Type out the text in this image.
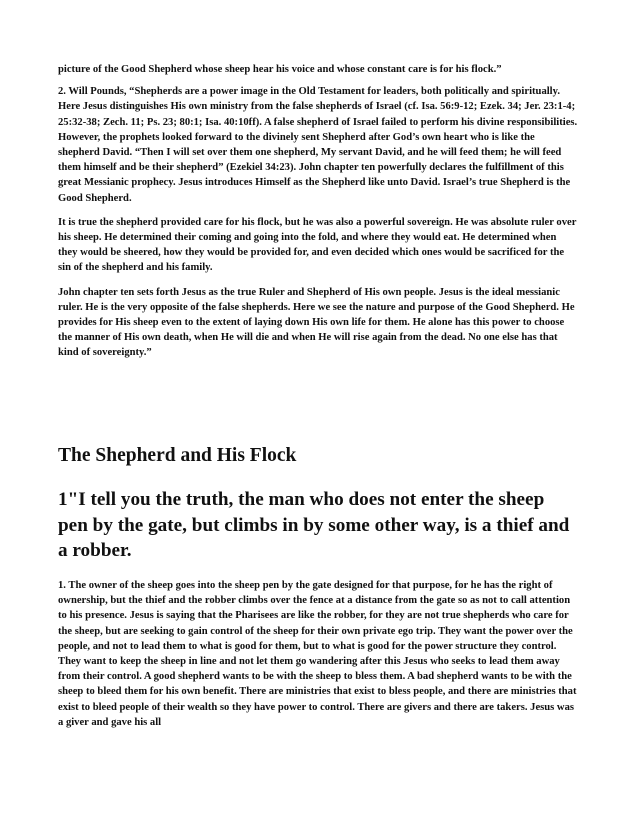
picture of the Good Shepherd whose sheep hear his voice and whose constant care is for his flock.”

2. Will Pounds, “Shepherds are a power image in the Old Testament for leaders, both politically and spiritually. Here Jesus distinguishes His own ministry from the false shepherds of Israel (cf. Isa. 56:9-12; Ezek. 34; Jer. 23:1-4; 25:32-38; Zech. 11; Ps. 23; 80:1; Isa. 40:10ff). A false shepherd of Israel failed to perform his divine responsibilities. However, the prophets looked forward to the divinely sent Shepherd after God’s own heart who is like the shepherd David. “Then I will set over them one shepherd, My servant David, and he will feed them; he will feed them himself and be their shepherd” (Ezekiel 34:23). John chapter ten powerfully declares the fulfillment of this great Messianic prophecy. Jesus introduces Himself as the Shepherd like unto David. Israel’s true Shepherd is the Good Shepherd.

It is true the shepherd provided care for his flock, but he was also a powerful sovereign. He was absolute ruler over his sheep. He determined their coming and going into the fold, and where they would eat. He determined when they would be sheered, how they would be provided for, and even decided which ones would be sacrificed for the sin of the shepherd and his family.

John chapter ten sets forth Jesus as the true Ruler and Shepherd of His own people. Jesus is the ideal messianic ruler. He is the very opposite of the false shepherds. Here we see the nature and purpose of the Good Shepherd. He provides for His sheep even to the extent of laying down His own life for them. He alone has this power to choose the manner of His own death, when He will die and when He will rise again from the dead. No one else has that kind of sovereignty.”

The Shepherd and His Flock

1"I tell you the truth, the man who does not enter the sheep pen by the gate, but climbs in by some other way, is a thief and a robber.

1. The owner of the sheep goes into the sheep pen by the gate designed for that purpose, for he has the right of ownership, but the thief and the robber climbs over the fence at a distance from the gate so as not to call attention to his presence. Jesus is saying that the Pharisees are like the robber, for they are not true shepherds who care for the sheep, but are seeking to gain control of the sheep for their own private ego trip. They want the power over the people, and not to lead them to what is good for them, but to what is good for the power structure they control. They want to keep the sheep in line and not let them go wandering after this Jesus who seeks to lead them away from their control. A good shepherd wants to be with the sheep to bless them. A bad shepherd wants to be with the sheep to bleed them for his own benefit. There are ministries that exist to bless people, and there are ministries that exist to bleed people of their wealth so they have power to control. There are givers and there are takers. Jesus was a giver and gave his all
